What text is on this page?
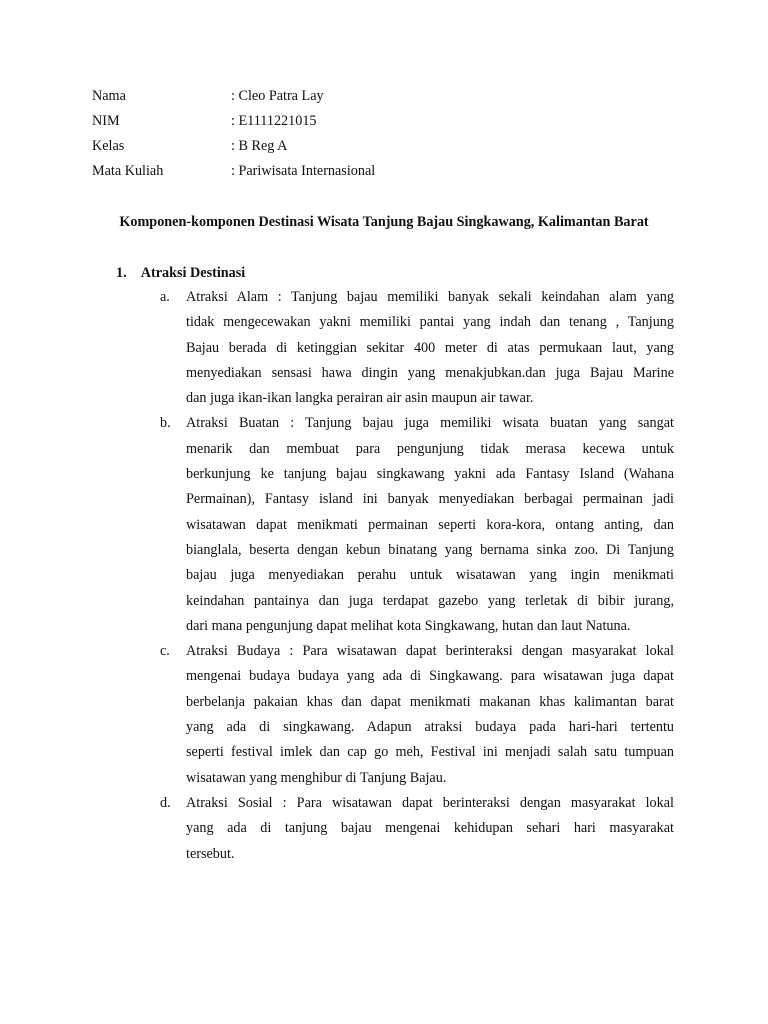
Nama	: Cleo Patra Lay
NIM	: E1111221015
Kelas	: B Reg A
Mata Kuliah	: Pariwisata Internasional
Komponen-komponen Destinasi Wisata Tanjung Bajau Singkawang, Kalimantan Barat
1. Atraksi Destinasi
a.	Atraksi Alam : Tanjung bajau memiliki banyak sekali keindahan alam yang
tidak mengecewakan yakni memiliki pantai yang indah dan tenang , Tanjung
Bajau berada di ketinggian sekitar 400 meter di atas permukaan laut, yang
menyediakan sensasi hawa dingin yang menakjubkan.dan juga Bajau Marine
dan juga ikan-ikan langka perairan air asin maupun air tawar.
b.	Atraksi Buatan : Tanjung bajau juga memiliki wisata buatan yang sangat
menarik dan membuat para pengunjung tidak merasa kecewa untuk
berkunjung ke tanjung bajau singkawang yakni ada Fantasy Island (Wahana
Permainan), Fantasy island ini banyak menyediakan berbagai permainan jadi
wisatawan dapat menikmati permainan seperti kora-kora, ontang anting, dan
bianglala, beserta dengan kebun binatang yang bernama sinka zoo. Di Tanjung
bajau juga menyediakan perahu untuk wisatawan yang ingin menikmati
keindahan pantainya dan juga terdapat gazebo yang terletak di bibir jurang,
dari mana pengunjung dapat melihat kota Singkawang, hutan dan laut Natuna.
c.	Atraksi Budaya : Para wisatawan dapat berinteraksi dengan masyarakat lokal
mengenai budaya budaya yang ada di Singkawang. para wisatawan juga dapat
berbelanja pakaian khas dan dapat menikmati makanan khas kalimantan barat
yang ada di singkawang. Adapun atraksi budaya pada hari-hari tertentu
seperti festival imlek dan cap go meh, Festival ini menjadi salah satu tumpuan
wisatawan yang menghibur di Tanjung Bajau.
d.	Atraksi Sosial : Para wisatawan dapat berinteraksi dengan masyarakat lokal
yang ada di tanjung bajau mengenai kehidupan sehari hari masyarakat
tersebut.
